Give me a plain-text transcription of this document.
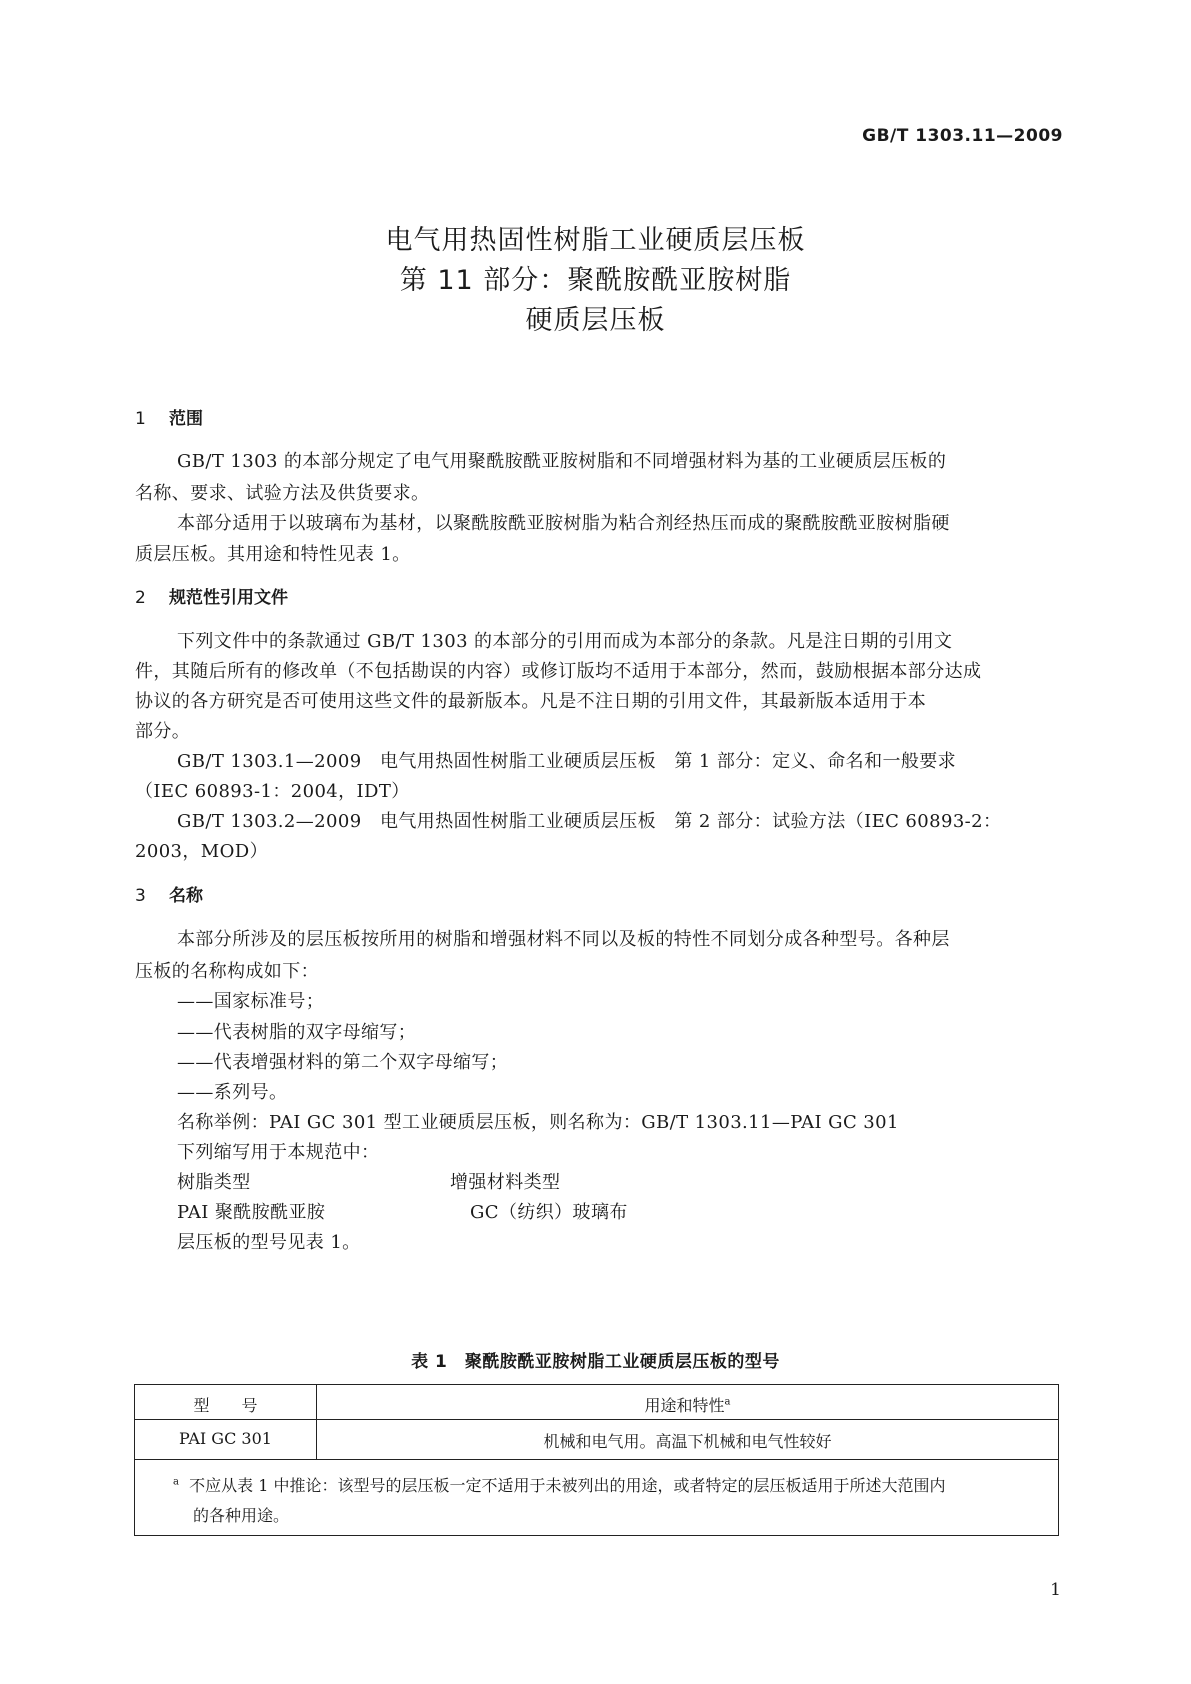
GB/T 1303.11—2009
电气用热固性树脂工业硬质层压板
第 11 部分：聚酰胺酰亚胺树脂
硬质层压板
1 范围
GB/T 1303 的本部分规定了电气用聚酰胺酰亚胺树脂和不同增强材料为基的工业硬质层压板的
名称、要求、试验方法及供货要求。
本部分适用于以玻璃布为基材，以聚酰胺酰亚胺树脂为粘合剂经热压而成的聚酰胺酰亚胺树脂硬
质层压板。其用途和特性见表 1。
2 规范性引用文件
下列文件中的条款通过 GB/T 1303 的本部分的引用而成为本部分的条款。凡是注日期的引用文
件，其随后所有的修改单（不包括勘误的内容）或修订版均不适用于本部分，然而，鼓励根据本部分达成
协议的各方研究是否可使用这些文件的最新版本。凡是不注日期的引用文件，其最新版本适用于本
部分。
GB/T 1303.1—2009　电气用热固性树脂工业硬质层压板　第 1 部分：定义、命名和一般要求
（IEC 60893-1：2004，IDT）
GB/T 1303.2—2009　电气用热固性树脂工业硬质层压板　第 2 部分：试验方法（IEC 60893-2：
2003，MOD）
3 名称
本部分所涉及的层压板按所用的树脂和增强材料不同以及板的特性不同划分成各种型号。各种层
压板的名称构成如下：
——国家标准号；
——代表树脂的双字母缩写；
——代表增强材料的第二个双字母缩写；
——系列号。
名称举例：PAI GC 301 型工业硬质层压板，则名称为：GB/T 1303.11—PAI GC 301
下列缩写用于本规范中：
树脂类型	增强材料类型
PAI 聚酰胺酰亚胺	GC（纺织）玻璃布
层压板的型号见表 1。
表 1　聚酰胺酰亚胺树脂工业硬质层压板的型号
型　　号	用途和特性$^a$
PAI GC 301	机械和电气用。高温下机械和电气性较好
$^a$ 不应从表 1 中推论：该型号的层压板一定不适用于未被列出的用途，或者特定的层压板适用于所述大范围内
的各种用途。
1
